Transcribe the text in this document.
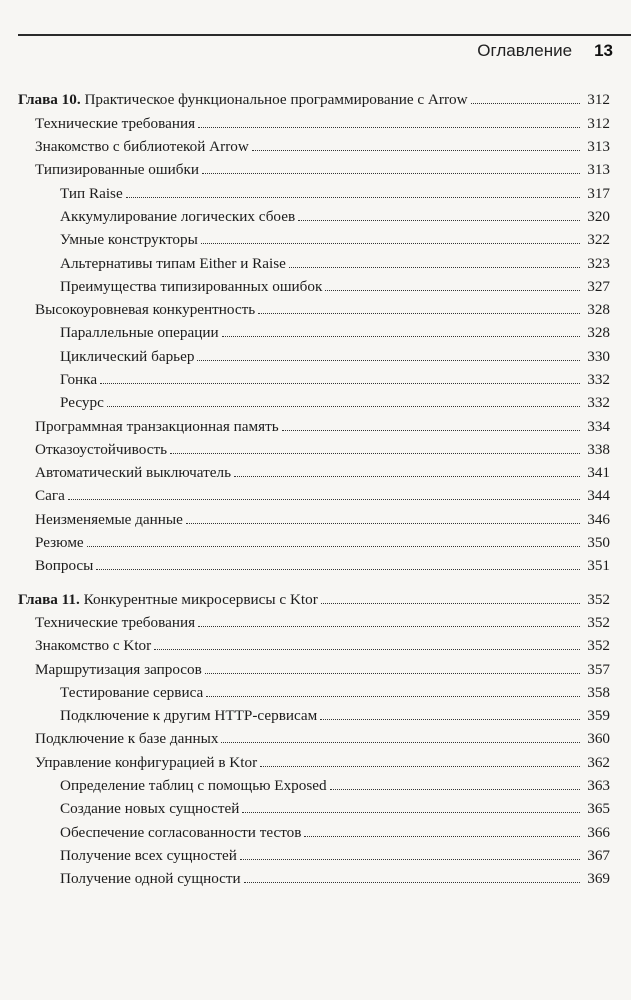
Оглавление 13
Глава 10. Практическое функциональное программирование с Arrow	312
Технические требования	312
Знакомство с библиотекой Arrow	313
Типизированные ошибки	313
Тип Raise	317
Аккумулирование логических сбоев	320
Умные конструкторы	322
Альтернативы типам Either и Raise	323
Преимущества типизированных ошибок	327
Высокоуровневая конкурентность	328
Параллельные операции	328
Циклический барьер	330
Гонка	332
Ресурс	332
Программная транзакционная память	334
Отказоустойчивость	338
Автоматический выключатель	341
Сага	344
Неизменяемые данные	346
Резюме	350
Вопросы	351
Глава 11. Конкурентные микросервисы с Ktor	352
Технические требования	352
Знакомство с Ktor	352
Маршрутизация запросов	357
Тестирование сервиса	358
Подключение к другим HTTP-сервисам	359
Подключение к базе данных	360
Управление конфигурацией в Ktor	362
Определение таблиц с помощью Exposed	363
Создание новых сущностей	365
Обеспечение согласованности тестов	366
Получение всех сущностей	367
Получение одной сущности	369
